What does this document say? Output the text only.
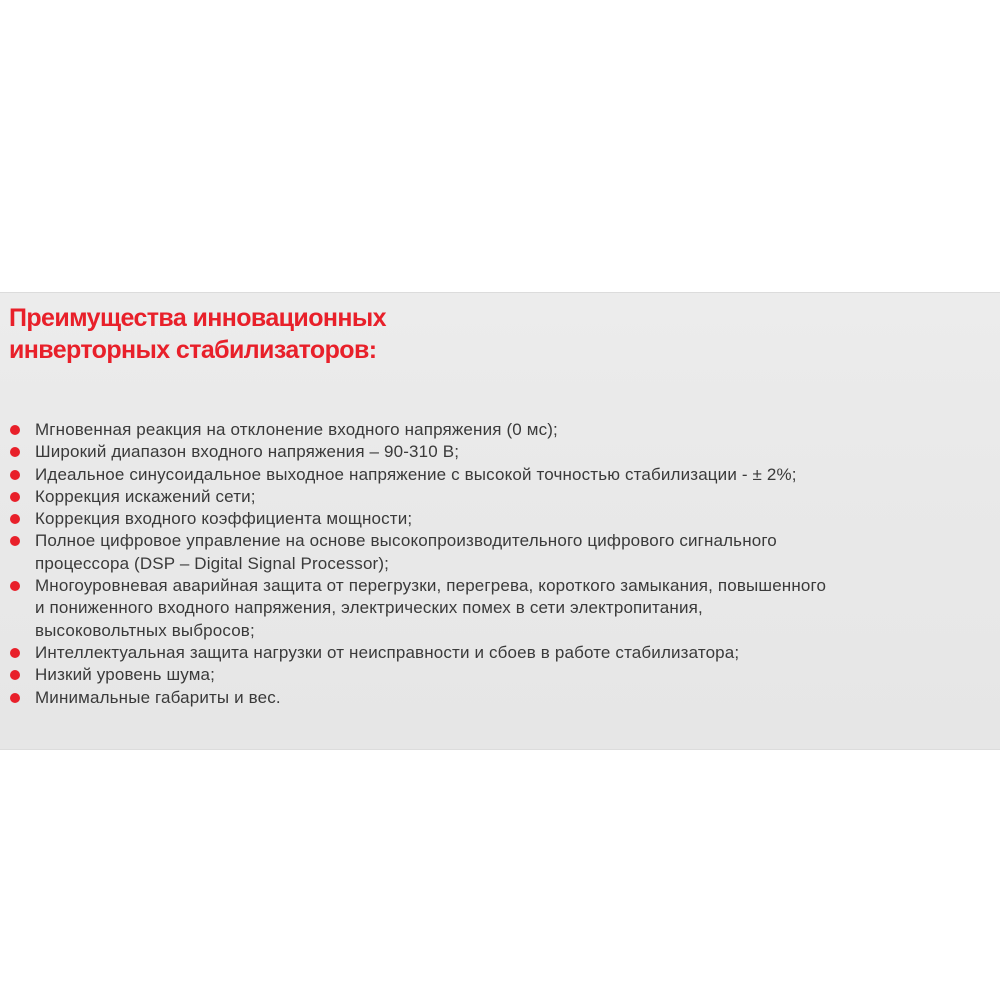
Преимущества инновационных
инверторных стабилизаторов:
Мгновенная реакция на отклонение входного напряжения (0 мс);
Широкий диапазон входного напряжения – 90-310 В;
Идеальное синусоидальное выходное напряжение с высокой точностью стабилизации - ± 2%;
Коррекция искажений сети;
Коррекция входного коэффициента мощности;
Полное цифровое управление на основе высокопроизводительного цифрового сигнального
процессора (DSP – Digital Signal Processor);
Многоуровневая аварийная защита от перегрузки, перегрева, короткого замыкания, повышенного
и пониженного входного напряжения, электрических помех в сети электропитания,
высоковольтных выбросов;
Интеллектуальная защита нагрузки от неисправности и сбоев в работе стабилизатора;
Низкий уровень шума;
Минимальные габариты и вес.
